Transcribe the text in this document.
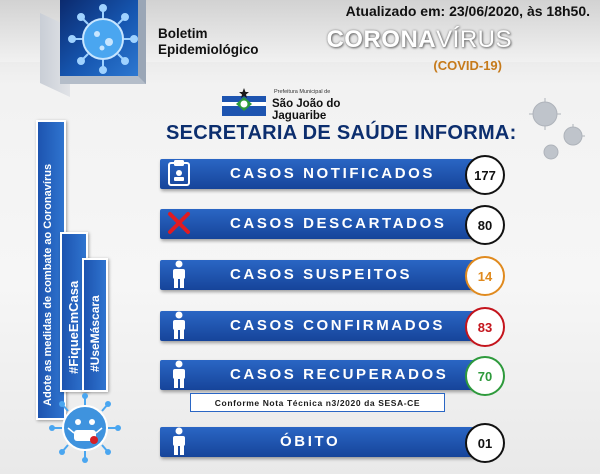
Atualizado em: 23/06/2020, às 18h50.
Boletim
Epidemiológico	CORONAVÍRUS
(COVID-19)
Prefeitura Municipal de
São João do Jaguaribe
SECRETARIA DE SAÚDE INFORMA:
Adote as medidas de combate ao Coronavírus #FiqueEmCasa #UseMáscara
CASOS NOTIFICADOS	177
CASOS DESCARTADOS	80
CASOS SUSPEITOS	14
CASOS CONFIRMADOS	83
CASOS RECUPERADOS	70
Conforme Nota Técnica n3/2020 da SESA-CE
ÓBITO	01
